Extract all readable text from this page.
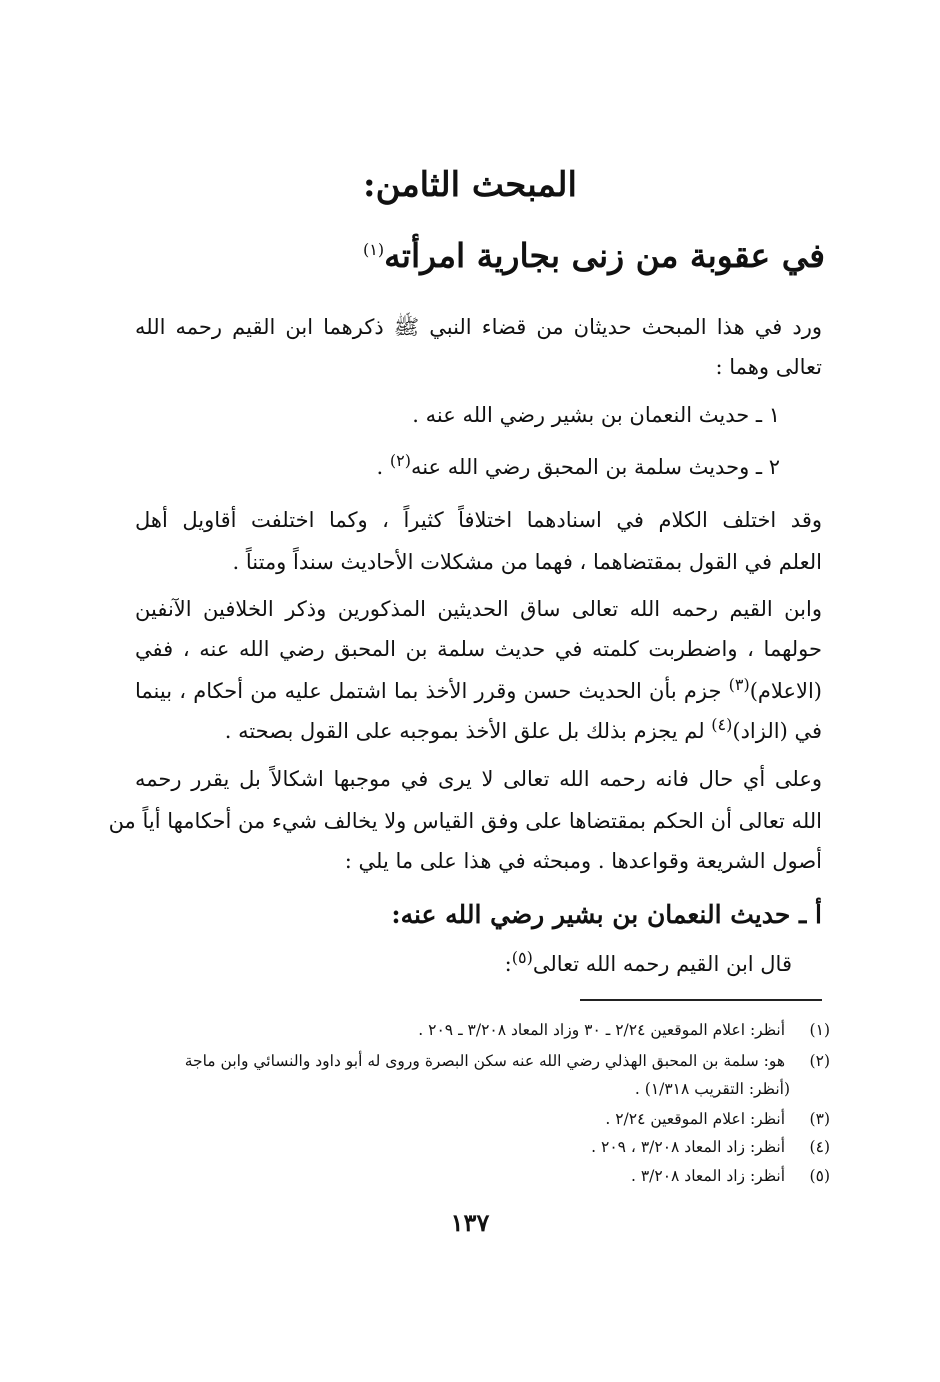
المبحث الثامن:
في عقوبة من زنى بجارية امرأته$^{(١)}$
ورد في هذا المبحث حديثان من قضاء النبي ﷺ ذكرهما ابن القيم رحمه الله
تعالى وهما :
١ ـ حديث النعمان بن بشير رضي الله عنه .
٢ ـ وحديث سلمة بن المحبق رضي الله عنه$^{(٢)}$ .
وقد اختلف الكلام في اسنادهما اختلافاً كثيراً ، وكما اختلفت أقاويل أهل
العلم في القول بمقتضاهما ، فهما من مشكلات الأحاديث سنداً ومتناً .
وابن القيم رحمه الله تعالى ساق الحديثين المذكورين وذكر الخلافين الآنفين
حولهما ، واضطربت كلمته في حديث سلمة بن المحبق رضي الله عنه ، ففي
(الاعلام)$^{(٣)}$ جزم بأن الحديث حسن وقرر الأخذ بما اشتمل عليه من أحكام ، بينما
في (الزاد)$^{(٤)}$ لم يجزم بذلك بل علق الأخذ بموجبه على القول بصحته .
وعلى أي حال فانه رحمه الله تعالى لا يرى في موجبها اشكالاً بل يقرر رحمه
الله تعالى أن الحكم بمقتضاها على وفق القياس ولا يخالف شيء من أحكامها أياً من
أصول الشريعة وقواعدها . ومبحثه في هذا على ما يلي :
أ ـ حديث النعمان بن بشير رضي الله عنه:
قال ابن القيم رحمه الله تعالى$^{(٥)}$:
(١) أنظر: اعلام الموقعين ٢/٢٤ ـ ٣٠ وزاد المعاد ٣/٢٠٨ ـ ٢٠٩ .
(٢) هو: سلمة بن المحبق الهذلي رضي الله عنه سكن البصرة وروى له أبو داود والنسائي وابن ماجة
(أنظر: التقريب ١/٣١٨) .
(٣) أنظر: اعلام الموقعين ٢/٢٤ .
(٤) أنظر: زاد المعاد ٣/٢٠٨ ، ٢٠٩ .
(٥) أنظر: زاد المعاد ٣/٢٠٨ .
١٣٧
